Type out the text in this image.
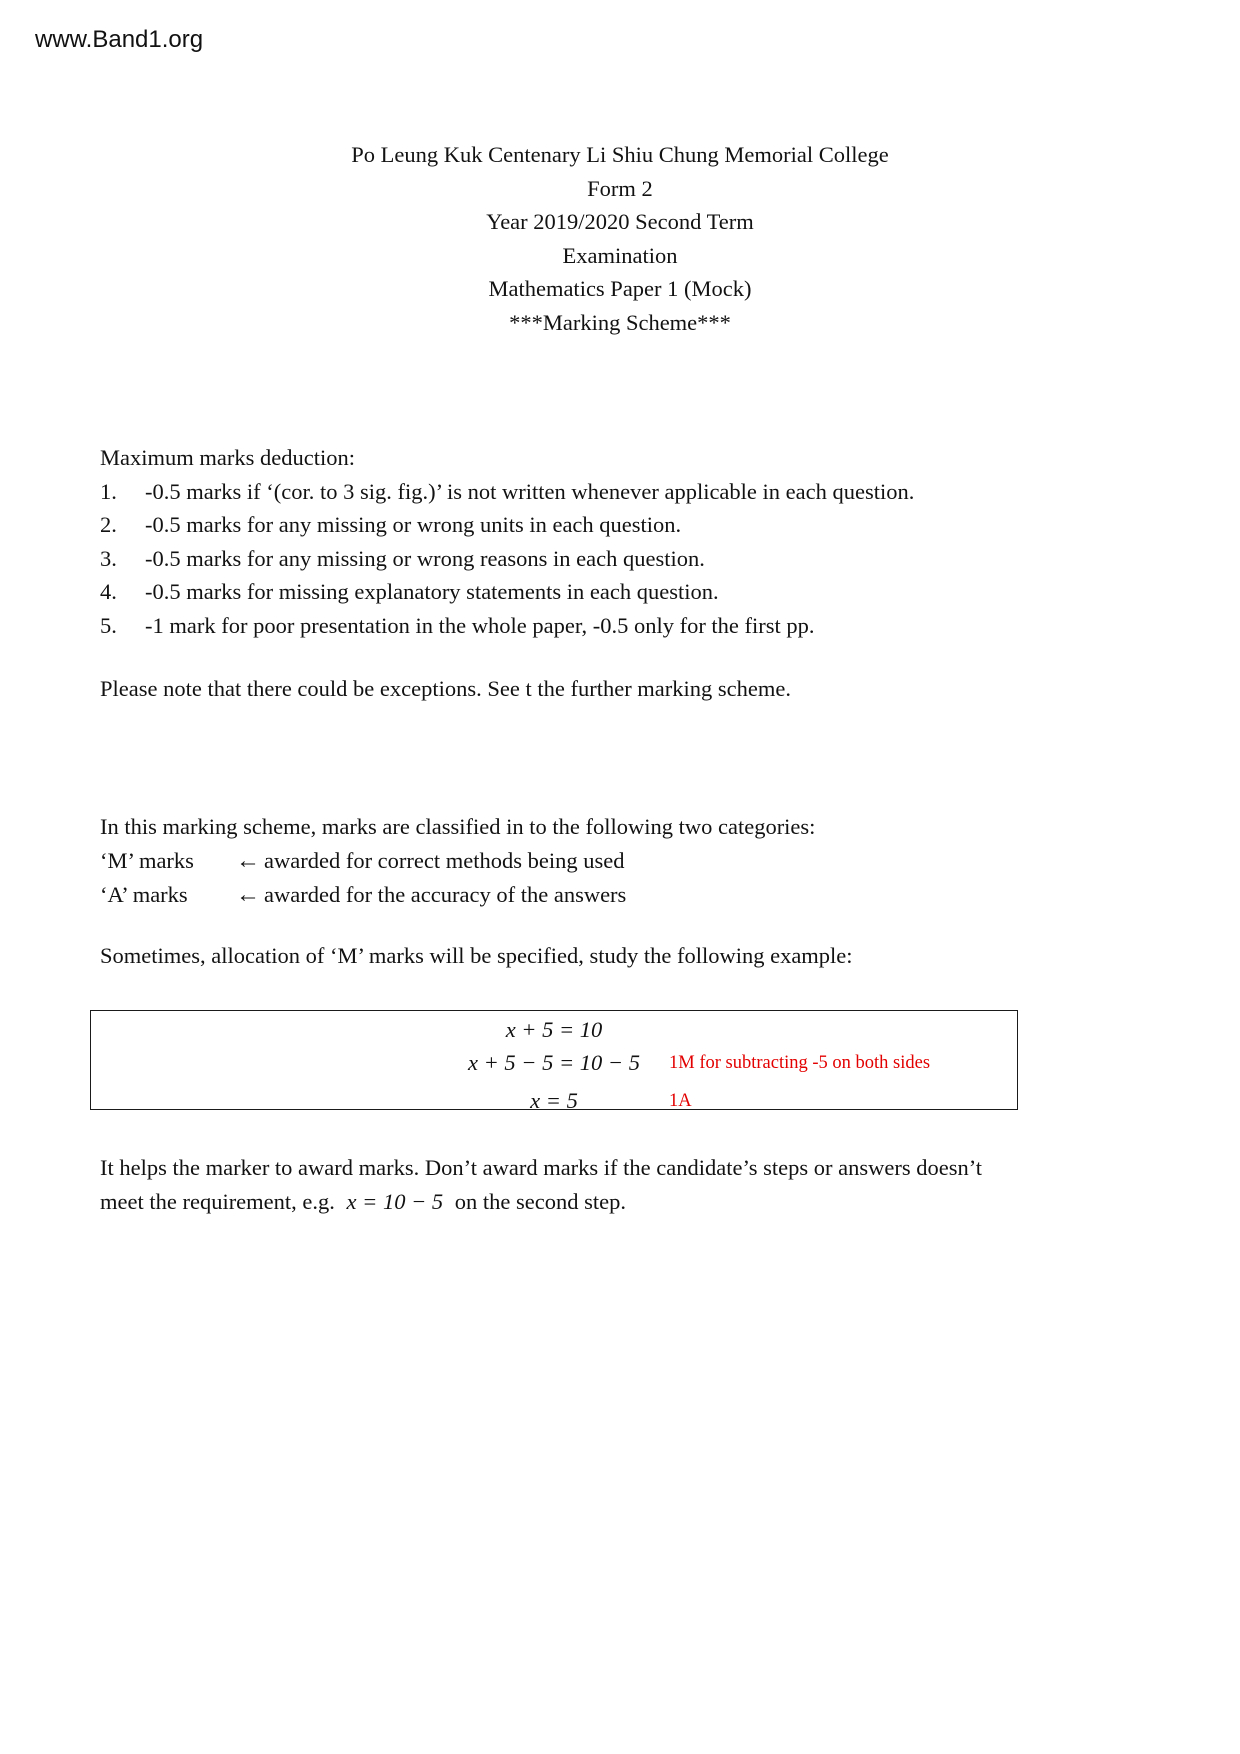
www.Band1.org
Po Leung Kuk Centenary Li Shiu Chung Memorial College
Form 2
Year 2019/2020 Second Term
Examination
Mathematics Paper 1 (Mock)
***Marking Scheme***
Maximum marks deduction:
1.	-0.5 marks if ‘(cor. to 3 sig. fig.)’ is not written whenever applicable in each question.
2.	-0.5 marks for any missing or wrong units in each question.
3.	-0.5 marks for any missing or wrong reasons in each question.
4.	-0.5 marks for missing explanatory statements in each question.
5.	-1 mark for poor presentation in the whole paper, -0.5 only for the first pp.
Please note that there could be exceptions. See t the further marking scheme.
In this marking scheme, marks are classified in to the following two categories:
‘M’ marks	← awarded for correct methods being used
‘A’ marks	← awarded for the accuracy of the answers
Sometimes, allocation of ‘M’ marks will be specified, study the following example:
x + 5 = 10
x + 5 − 5 = 10 − 5	1M for subtracting -5 on both sides
x = 5	1A
It helps the marker to award marks. Don’t award marks if the candidate’s steps or answers doesn’t
meet the requirement, e.g. x = 10 − 5 on the second step.
